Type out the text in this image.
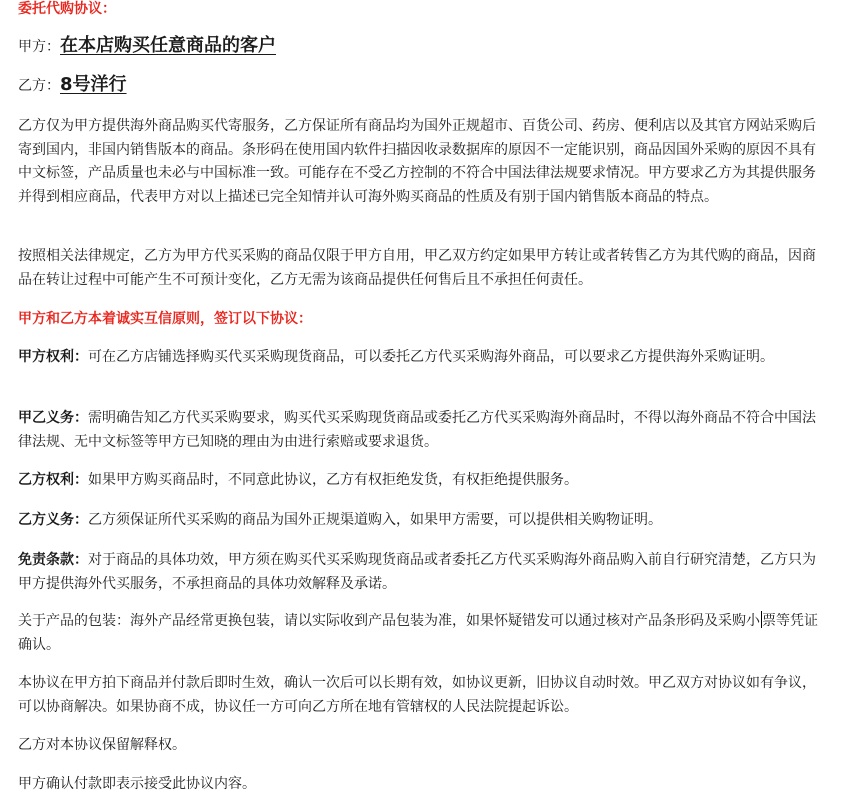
委托代购协议：

甲方：在本店购买任意商品的客户

乙方：8号洋行

乙方仅为甲方提供海外商品购买代寄服务，乙方保证所有商品均为国外正规超市、百货公司、药房、便利店以及其官方网站采购后寄到国内，非国内销售版本的商品。条形码在使用国内软件扫描因收录数据库的原因不一定能识别，商品因国外采购的原因不具有中文标签，产品质量也未必与中国标准一致。可能存在不受乙方控制的不符合中国法律法规要求情况。甲方要求乙方为其提供服务并得到相应商品，代表甲方对以上描述已完全知情并认可海外购买商品的性质及有别于国内销售版本商品的特点。

按照相关法律规定，乙方为甲方代买采购的商品仅限于甲方自用，甲乙双方约定如果甲方转让或者转售乙方为其代购的商品，因商品在转让过程中可能产生不可预计变化，乙方无需为该商品提供任何售后且不承担任何责任。

甲方和乙方本着诚实互信原则，签订以下协议：

甲方权利：可在乙方店铺选择购买代买采购现货商品，可以委托乙方代买采购海外商品，可以要求乙方提供海外采购证明。

甲乙义务：需明确告知乙方代买采购要求，购买代买采购现货商品或委托乙方代买采购海外商品时，不得以海外商品不符合中国法律法规、无中文标签等甲方已知晓的理由为由进行索赔或要求退货。

乙方权利：如果甲方购买商品时，不同意此协议，乙方有权拒绝发货，有权拒绝提供服务。

乙方义务：乙方须保证所代买采购的商品为国外正规渠道购入，如果甲方需要，可以提供相关购物证明。

免责条款：对于商品的具体功效，甲方须在购买代买采购现货商品或者委托乙方代买采购海外商品购入前自行研究清楚，乙方只为甲方提供海外代买服务，不承担商品的具体功效解释及承诺。

关于产品的包装：海外产品经常更换包装，请以实际收到产品包装为准，如果怀疑错发可以通过核对产品条形码及采购小 票等凭证确认。

本协议在甲方拍下商品并付款后即时生效，确认一次后可以长期有效，如协议更新，旧协议自动时效。甲乙双方对协议如有争议，可以协商解决。如果协商不成，协议任一方可向乙方所在地有管辖权的人民法院提起诉讼。

乙方对本协议保留解释权。

甲方确认付款即表示接受此协议内容。
